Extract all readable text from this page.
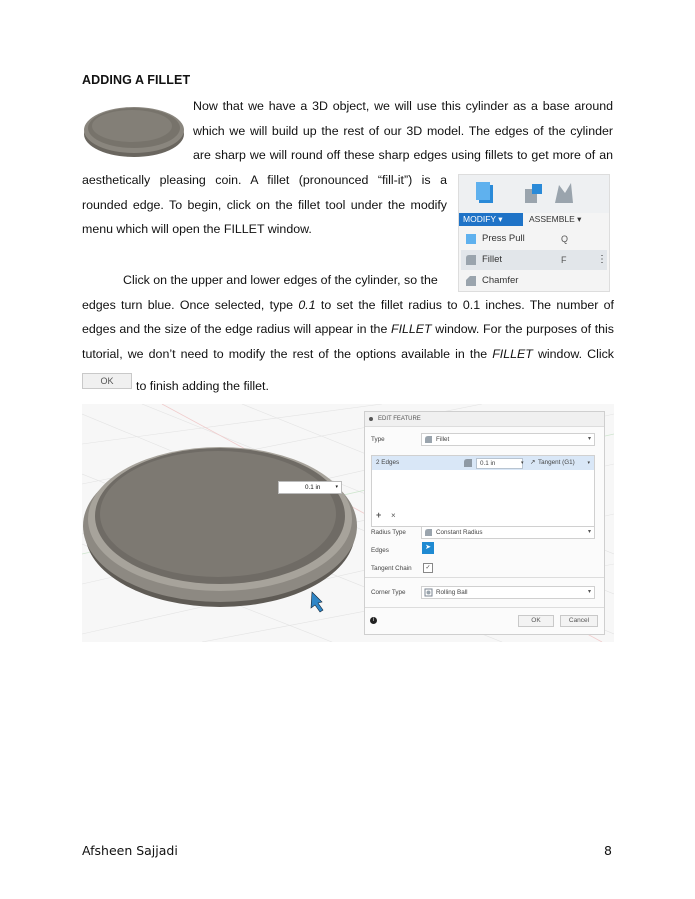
ADDING A FILLET
Now that we have a 3D object, we will use this cylinder as a base around
which we will build up the rest of our 3D model. The edges of the cylinder
are sharp we will round off these sharp edges using fillets to get more of an
aesthetically pleasing coin. A fillet (pronounced “fill-it”) is a
rounded edge. To begin, click on the fillet tool under the modify
menu which will open the FILLET window.
MODIFY ▾	ASSEMBLE ▾
Press Pull	Q
Fillet	F	⋮
Chamfer
Click on the upper and lower edges of the cylinder, so the
edges turn blue. Once selected, type 0.1 to set the fillet radius to 0.1 inches. The number of
edges and the size of the edge radius will appear in the FILLET window. For the purposes of this
tutorial, we don’t need to modify the rest of the options available in the FILLET window. Click
OK	to finish adding the fillet.
0.1 in	▾
EDIT FEATURE
Type	Fillet	▾
2 Edges	0.1 in	▾ ↗ Tangent (G1)	▾
+ ×
Radius Type	Constant Radius	▾
Edges	➤
Tangent Chain	✓
Corner Type	Rolling Ball	▾
i	OK	Cancel
Afsheen Sajjadi	8
